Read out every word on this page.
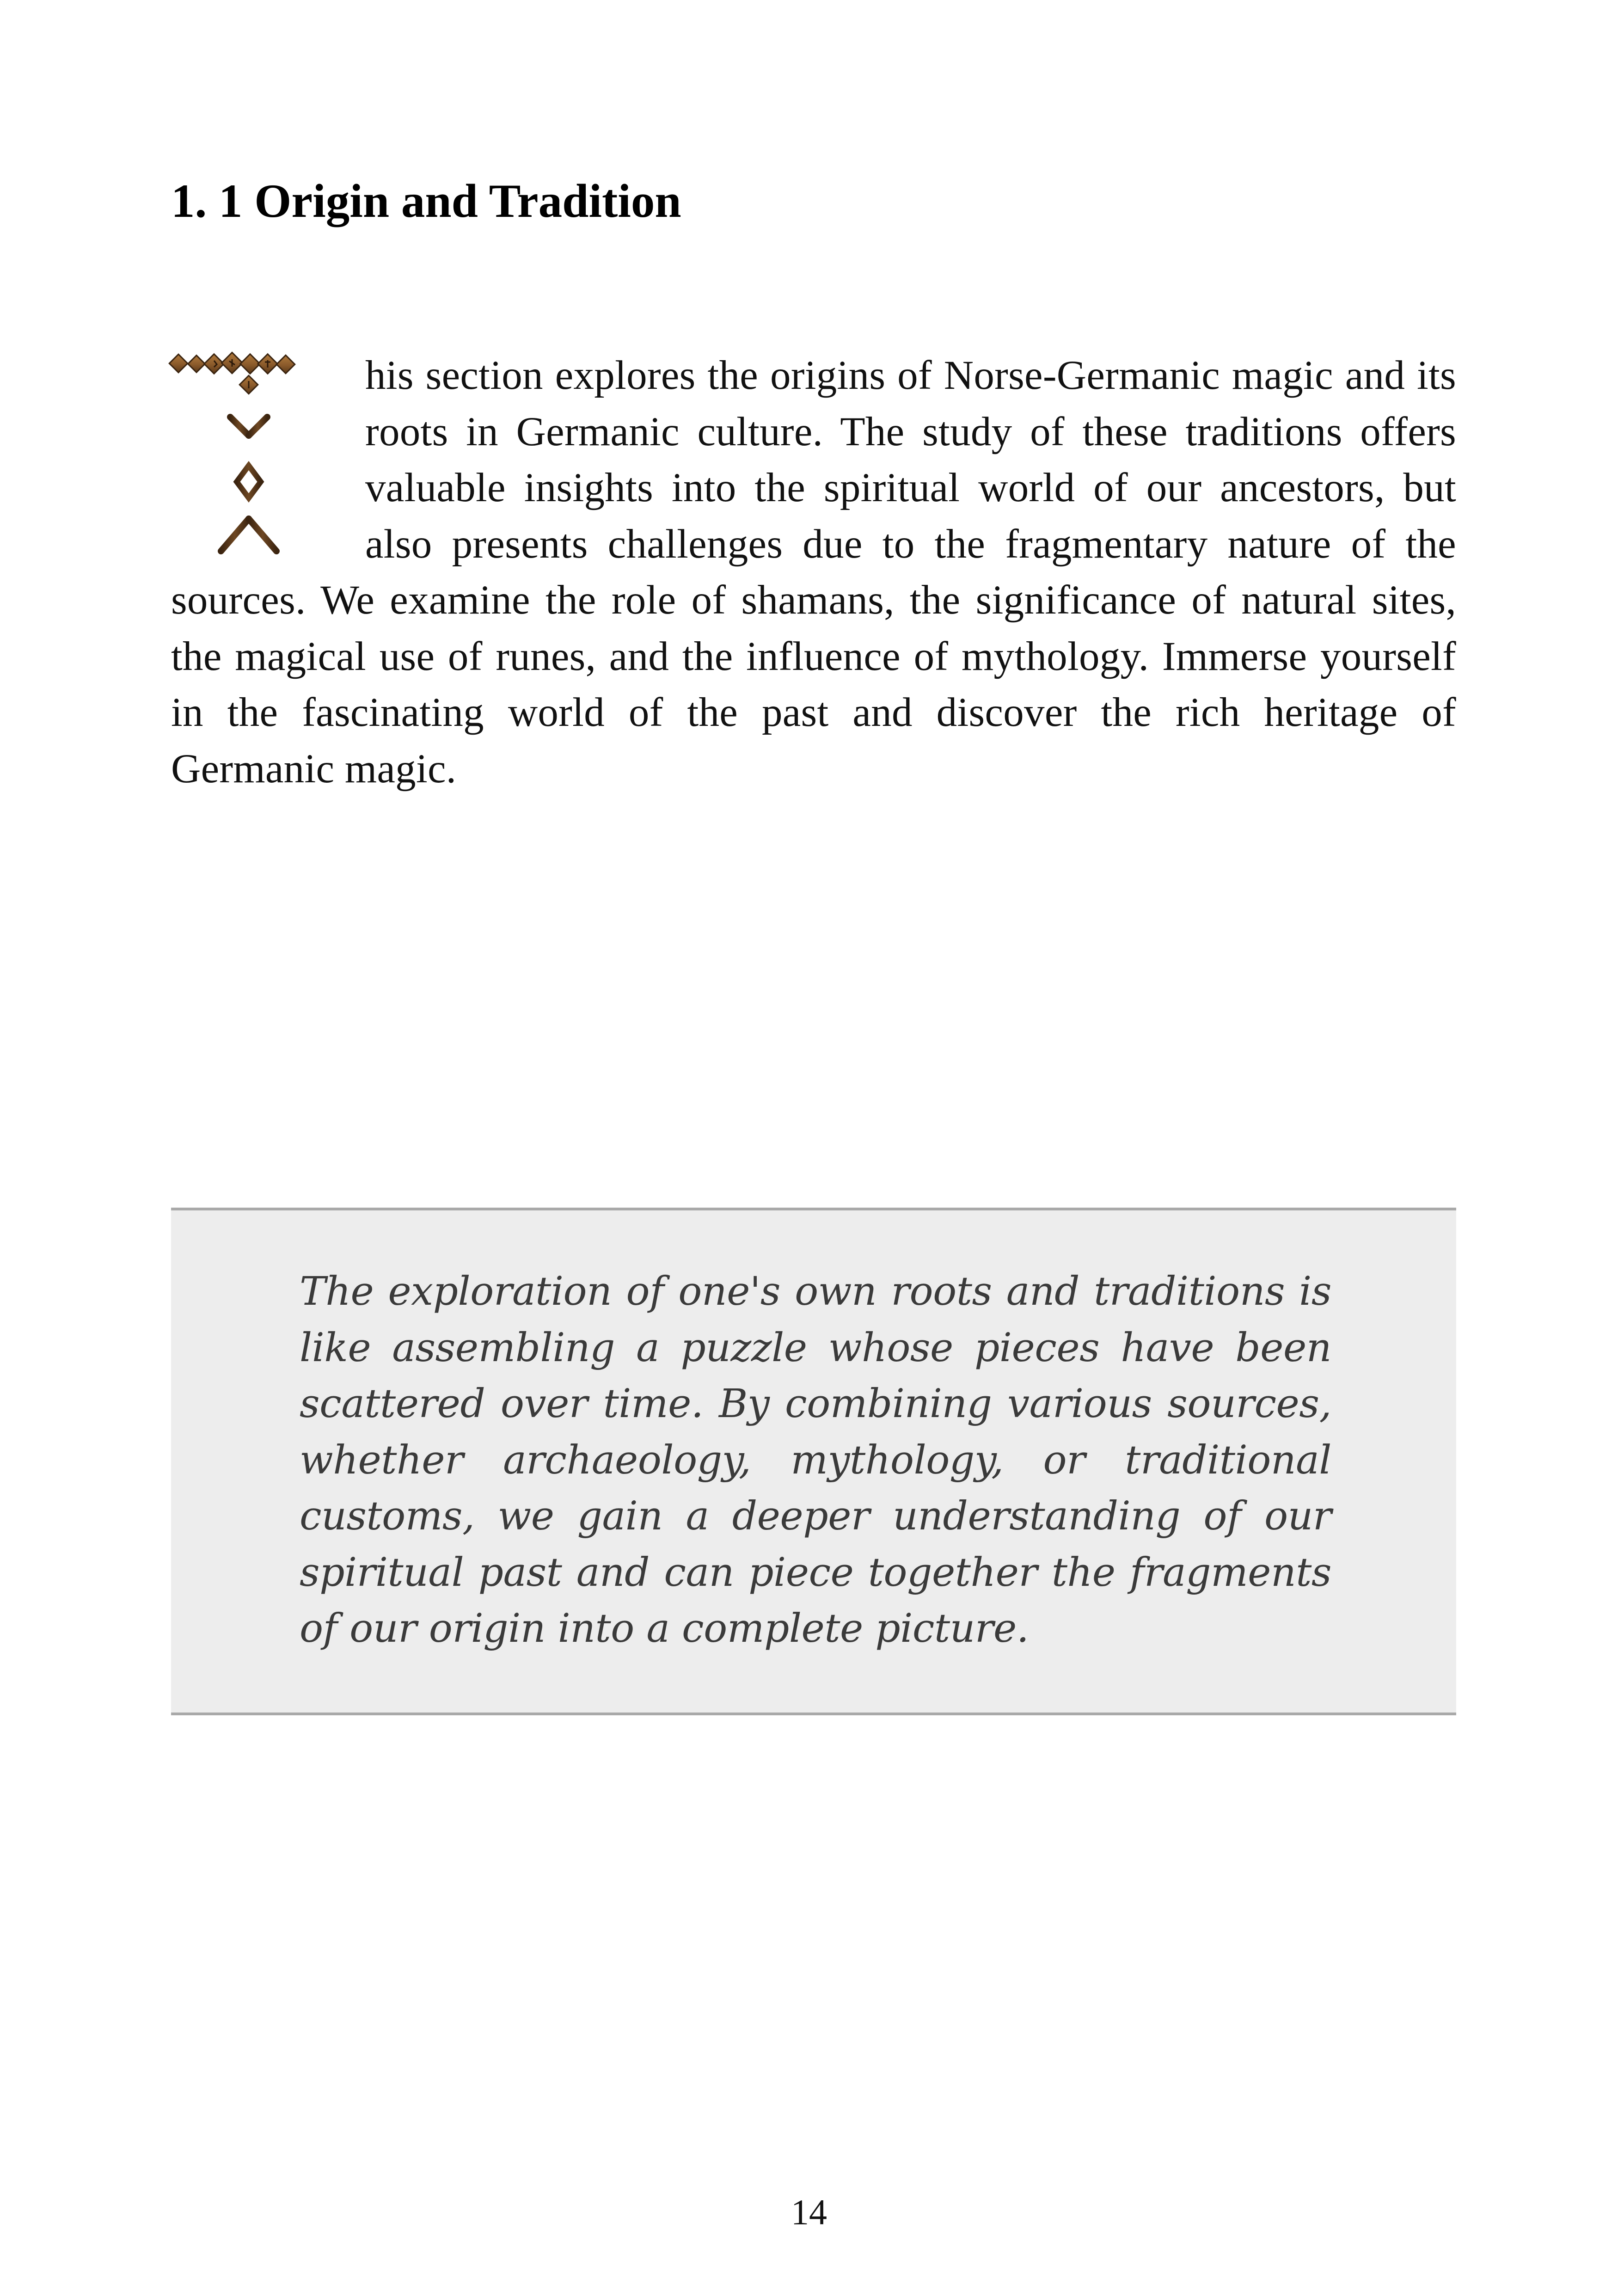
1. 1 Origin and Tradition

his section explores the origins of Norse-Germanic magic and its roots in Germanic culture. The study of these traditions offers valuable insights into the spiritual world of our ancestors, but also presents challenges due to the fragmentary nature of the sources. We examine the role of shamans, the significance of natural sites, the magical use of runes, and the influence of mythology. Immerse yourself in the fascinating world of the past and discover the rich heritage of Germanic magic.

The exploration of one's own roots and traditions is like assembling a puzzle whose pieces have been scattered over time. By combining various sources, whether archaeology, mythology, or traditional customs, we gain a deeper understanding of our spiritual past and can piece together the fragments of our origin into a complete picture.

14
